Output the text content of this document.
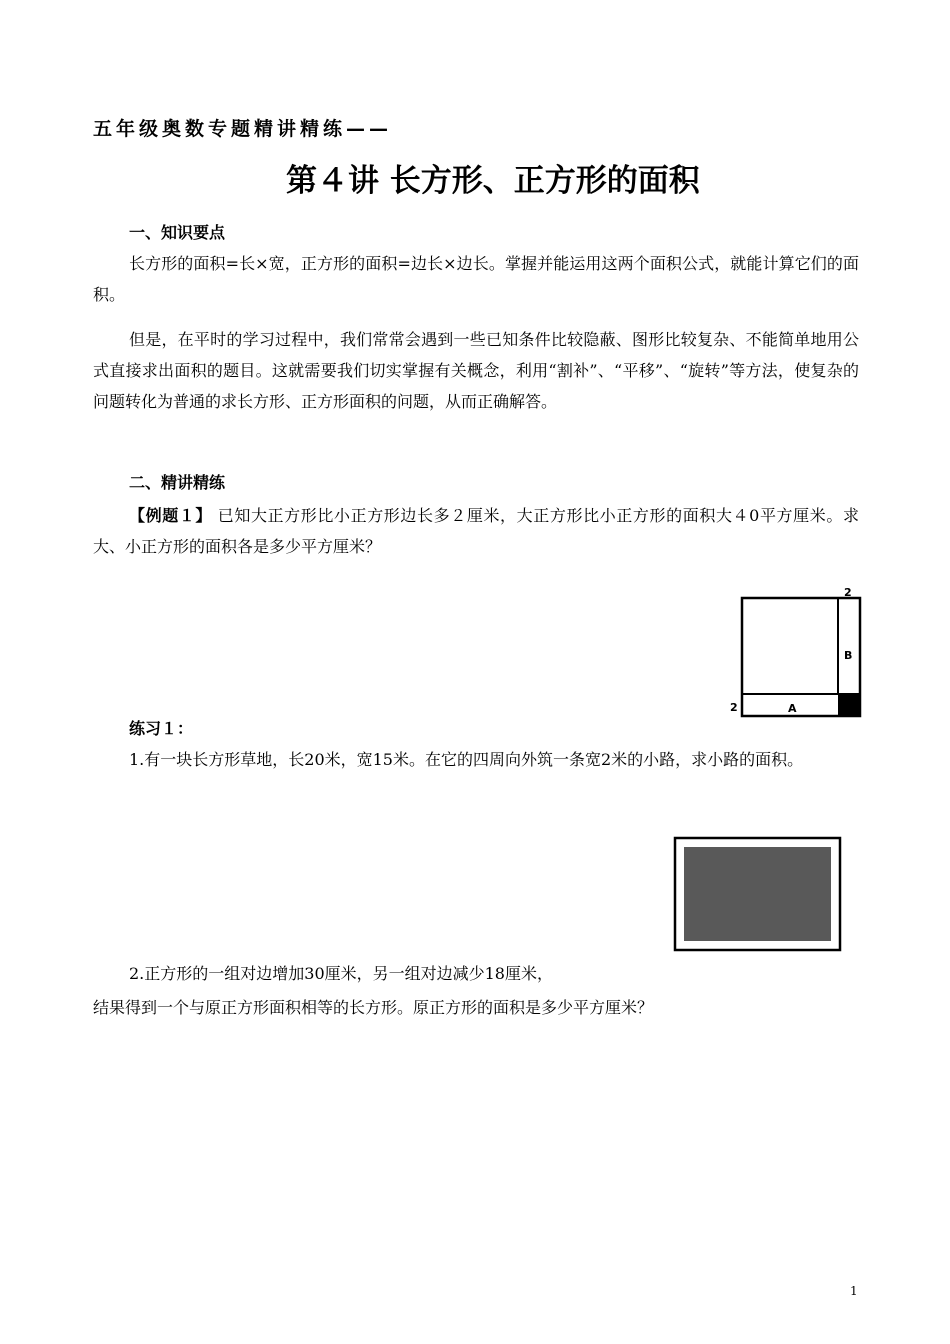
五年级奥数专题精讲精练——
第４讲 长方形、正方形的面积
一、知识要点
长方形的面积=长×宽，正方形的面积=边长×边长。掌握并能运用这两个面积公式，就能计算它们的面积。
但是，在平时的学习过程中，我们常常会遇到一些已知条件比较隐蔽、图形比较复杂、不能简单地用公式直接求出面积的题目。这就需要我们切实掌握有关概念，利用“割补”、“平移”、“旋转”等方法，使复杂的问题转化为普通的求长方形、正方形面积的问题，从而正确解答。
二、精讲精练
【例题１】 已知大正方形比小正方形边长多２厘米，大正方形比小正方形的面积大４0平方厘米。求大、小正方形的面积各是多少平方厘米？
2
B
2	A
练习１：
1.有一块长方形草地，长20米，宽15米。在它的四周向外筑一条宽2米的小路，求小路的面积。
2.正方形的一组对边增加30厘米，另一组对边减少18厘米，
结果得到一个与原正方形面积相等的长方形。原正方形的面积是多少平方厘米？
1
